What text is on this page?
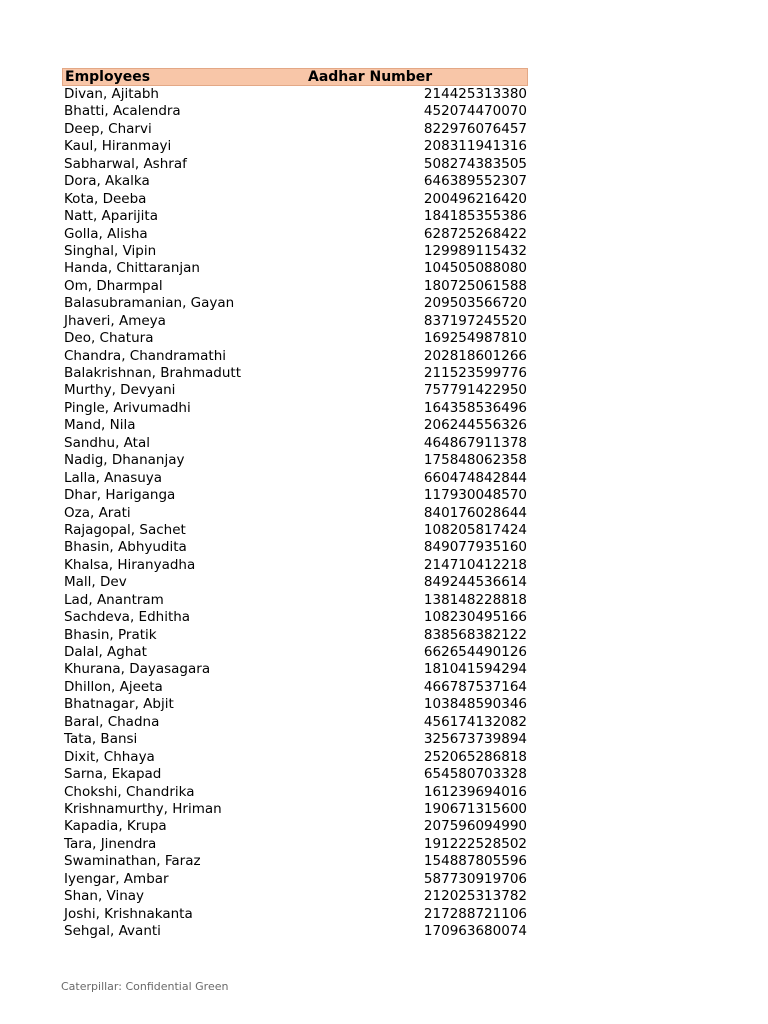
Employees	Aadhar Number
Divan, Ajitabh	214425313380
Bhatti, Acalendra	452074470070
Deep, Charvi	822976076457
Kaul, Hiranmayi	208311941316
Sabharwal, Ashraf	508274383505
Dora, Akalka	646389552307
Kota, Deeba	200496216420
Natt, Aparijita	184185355386
Golla, Alisha	628725268422
Singhal, Vipin	129989115432
Handa, Chittaranjan	104505088080
Om, Dharmpal	180725061588
Balasubramanian, Gayan	209503566720
Jhaveri, Ameya	837197245520
Deo, Chatura	169254987810
Chandra, Chandramathi	202818601266
Balakrishnan, Brahmadutt	211523599776
Murthy, Devyani	757791422950
Pingle, Arivumadhi	164358536496
Mand, Nila	206244556326
Sandhu, Atal	464867911378
Nadig, Dhananjay	175848062358
Lalla, Anasuya	660474842844
Dhar, Hariganga	117930048570
Oza, Arati	840176028644
Rajagopal, Sachet	108205817424
Bhasin, Abhyudita	849077935160
Khalsa, Hiranyadha	214710412218
Mall, Dev	849244536614
Lad, Anantram	138148228818
Sachdeva, Edhitha	108230495166
Bhasin, Pratik	838568382122
Dalal, Aghat	662654490126
Khurana, Dayasagara	181041594294
Dhillon, Ajeeta	466787537164
Bhatnagar, Abjit	103848590346
Baral, Chadna	456174132082
Tata, Bansi	325673739894
Dixit, Chhaya	252065286818
Sarna, Ekapad	654580703328
Chokshi, Chandrika	161239694016
Krishnamurthy, Hriman	190671315600
Kapadia, Krupa	207596094990
Tara, Jinendra	191222528502
Swaminathan, Faraz	154887805596
Iyengar, Ambar	587730919706
Shan, Vinay	212025313782
Joshi, Krishnakanta	217288721106
Sehgal, Avanti	170963680074
Caterpillar: Confidential Green
